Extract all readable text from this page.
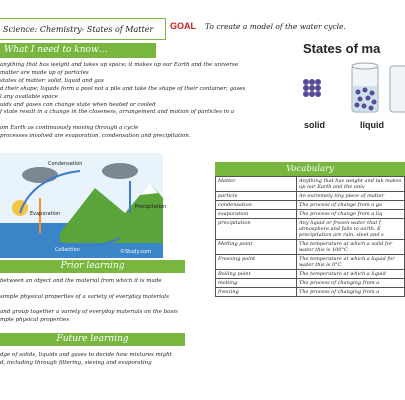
Science: Chemistry- States of Matter	GOAL To create a model of the water cycle.
What I need to know…
anything that has weight and takes up space; it makes up our Earth and the universe
matter are made up of particles
states of matter: solid, liquid and gas
d their shape; liquids form a pool not a pile and take the shape of their container; gases
l any available space
uids and gases can change state when heated or cooled
f state result in a change in the closeness, arrangement and motion of particles in a

om Earth as continuously moving through a cycle
processes involved are evaporation, condensation and precipitation.
States of ma
solid	liquid
Condensation
Evaporation
Precipitation
Collection	©Study.com
Prior learning
between an object and the material from which it is made

simple physical properties of a variety of everyday materials

and group together a variety of everyday materials on the basis
mple physical properties
Future learning
dge of solids, liquids and gases to decide how mixtures might
d, including through filtering, sieving and evaporating
Vocabulary
Matter	Anything that has weight and tak makes up our Earth and the univ
particle	An extremely tiny piece of matter
condensation	The process of change from a ga
evaporation	The process of change from a liq
precipitation	Any liquid or frozen water that f atmosphere and falls to earth. E precipitation are rain, sleet and s
Melting point	The temperature at which a solid for water this is 100°C
Freezing point	The temperature at which a liquid for water this is 0°C
Boiling point	The temperature at which a liquid
melting	The process of changing from a
freezing	The process of changing from a
